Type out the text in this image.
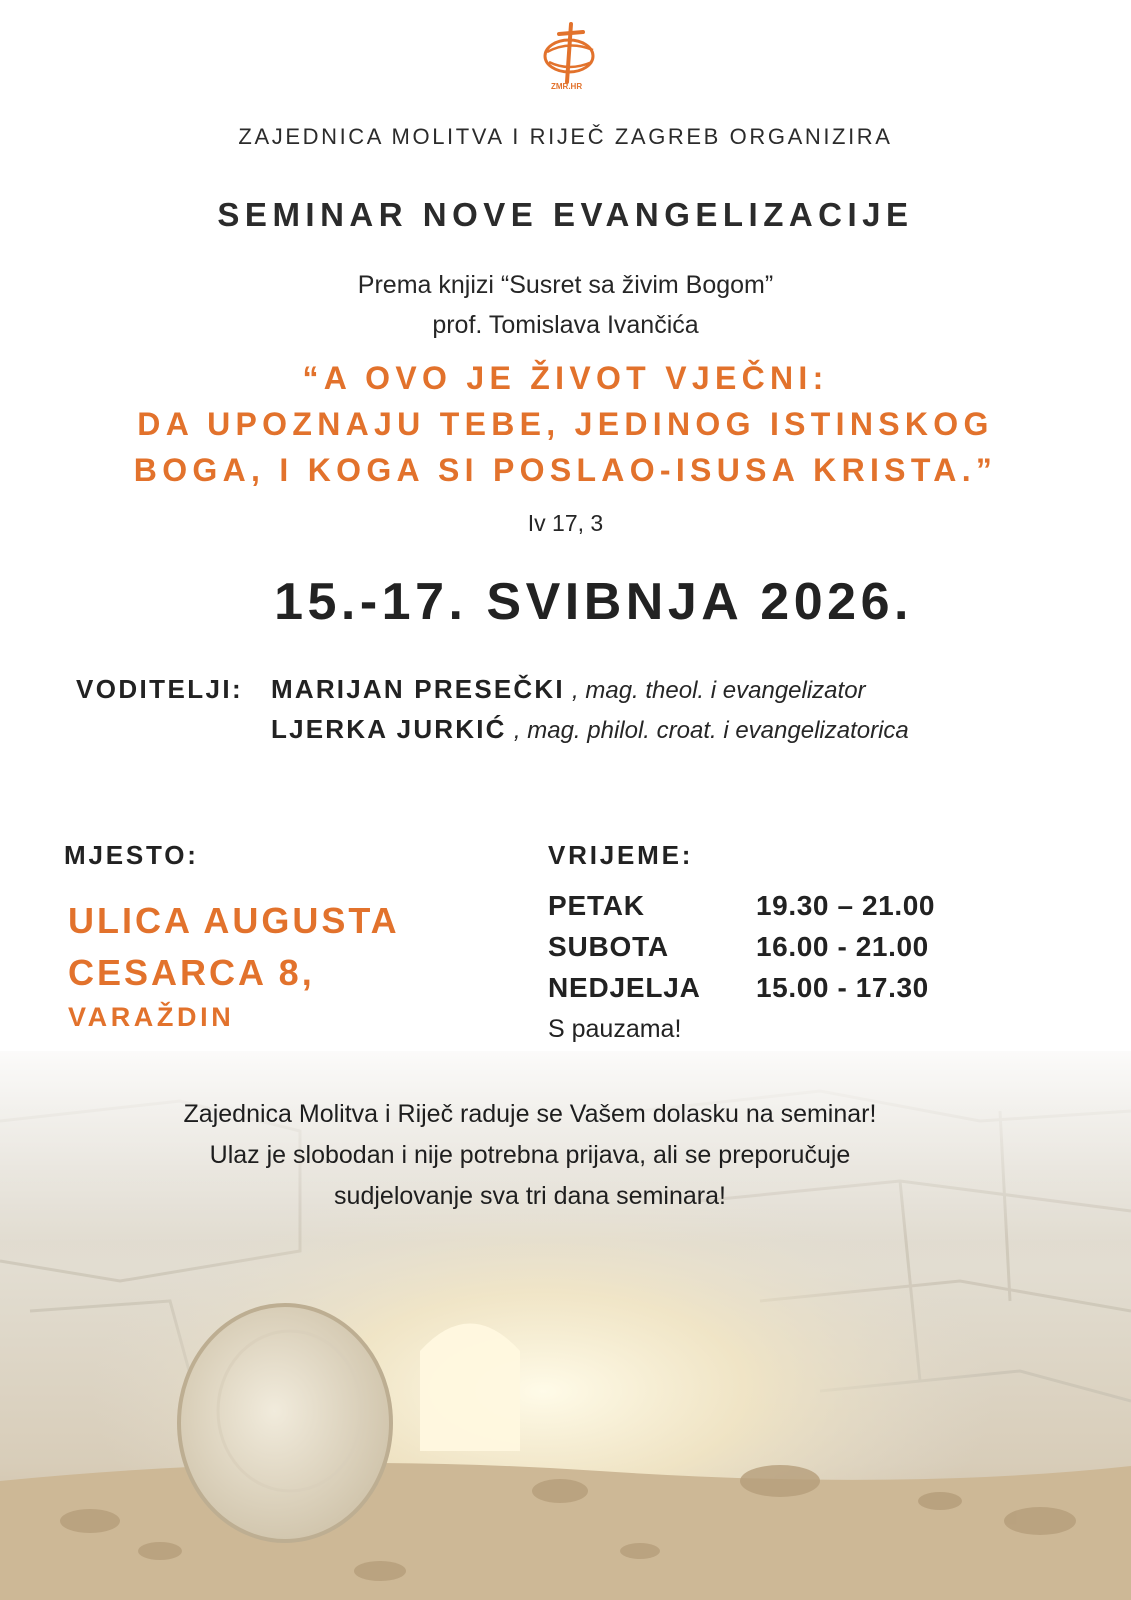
ZMR.HR
ZAJEDNICA MOLITVA I RIJEČ ZAGREB ORGANIZIRA
SEMINAR NOVE EVANGELIZACIJE
Prema knjizi “Susret sa živim Bogom”
prof. Tomislava Ivančića
“A OVO JE ŽIVOT VJEČNI:
DA UPOZNAJU TEBE, JEDINOG ISTINSKOG
BOGA, I KOGA SI POSLAO-ISUSA KRISTA.”
Iv 17, 3
15.-17. SVIBNJA 2026.
VODITELJI: MARIJAN PRESEČKI , mag. theol. i evangelizator
LJERKA JURKIĆ , mag. philol. croat. i evangelizatorica
MJESTO:
ULICA AUGUSTA
CESARCA 8,
VARAŽDIN
VRIJEME:
PETAK	19.30 – 21.00
SUBOTA	16.00 - 21.00
NEDJELJA 15.00 - 17.30
S pauzama!
Zajednica Molitva i Riječ raduje se Vašem dolasku na seminar!
Ulaz je slobodan i nije potrebna prijava, ali se preporučuje
sudjelovanje sva tri dana seminara!
